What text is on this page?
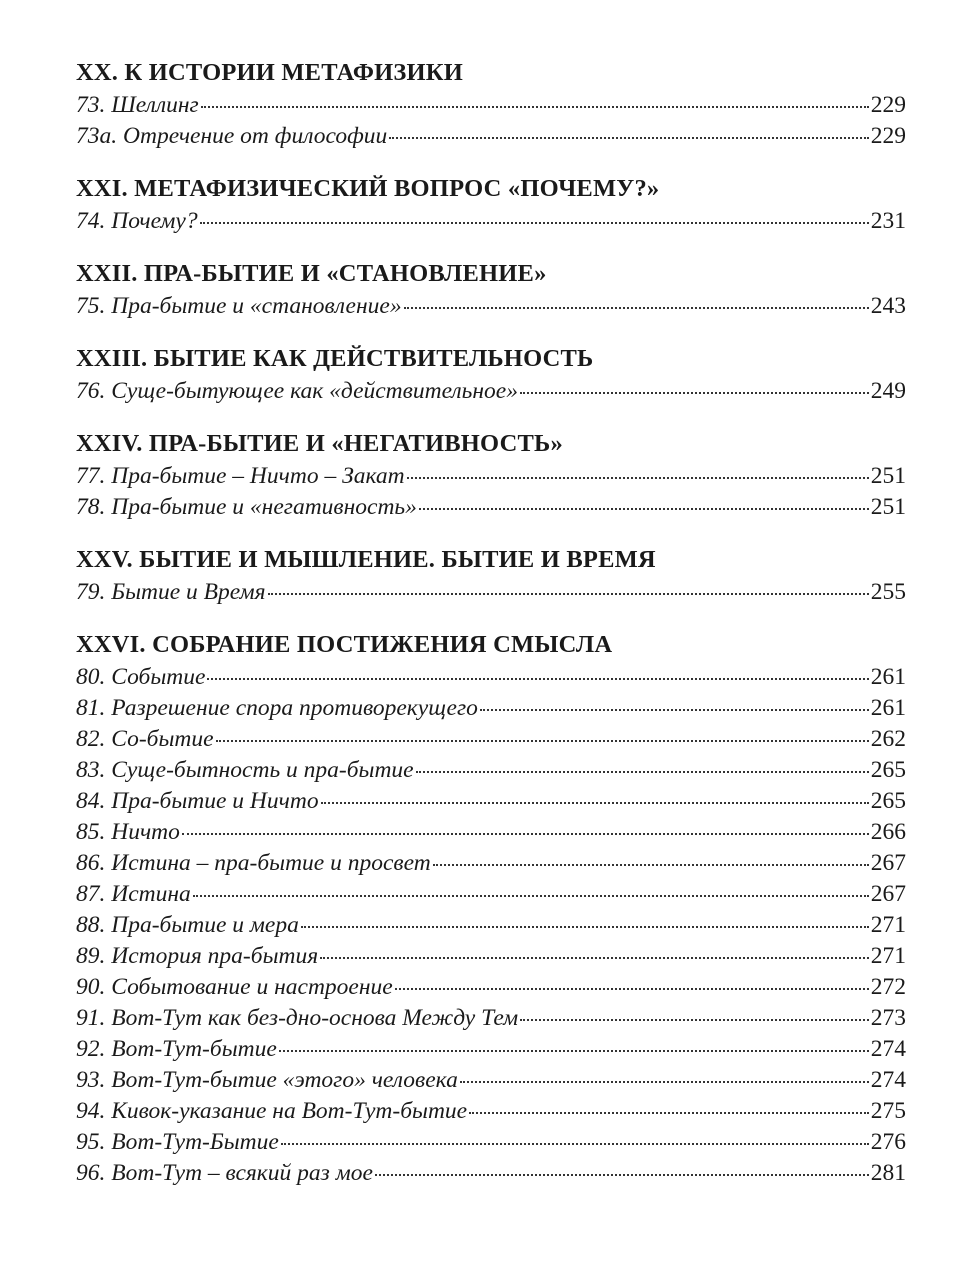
XX. К ИСТОРИИ МЕТАФИЗИКИ
73. Шеллинг	229
73а. Отречение от философии	229
XXI. МЕТАФИЗИЧЕСКИЙ ВОПРОС «ПОЧЕМУ?»
74. Почему?	231
XXII. ПРА-БЫТИЕ И «СТАНОВЛЕНИЕ»
75. Пра-бытие и «становление»	243
XXIII. БЫТИЕ КАК ДЕЙСТВИТЕЛЬНОСТЬ
76. Суще-бытующее как «действительное»	249
XXIV. ПРА-БЫТИЕ И «НЕГАТИВНОСТЬ»
77. Пра-бытие – Ничто – Закат	251
78. Пра-бытие и «негативность»	251
XXV. БЫТИЕ И МЫШЛЕНИЕ. БЫТИЕ И ВРЕМЯ
79. Бытие и Время	255
XXVI. СОБРАНИЕ ПОСТИЖЕНИЯ СМЫСЛА
80. Событие	261
81. Разрешение спора противорекущего	261
82. Со-бытие	262
83. Суще-бытность и пра-бытие	265
84. Пра-бытие и Ничто	265
85. Ничто	266
86. Истина – пра-бытие и просвет	267
87. Истина	267
88. Пра-бытие и мера	271
89. История пра-бытия	271
90. Событование и настроение	272
91. Вот-Тут как без-дно-основа Между Тем	273
92. Вот-Тут-бытие	274
93. Вот-Тут-бытие «этого» человека	274
94. Кивок-указание на Вот-Тут-бытие	275
95. Вот-Тут-Бытие	276
96. Вот-Тут – всякий раз мое	281
